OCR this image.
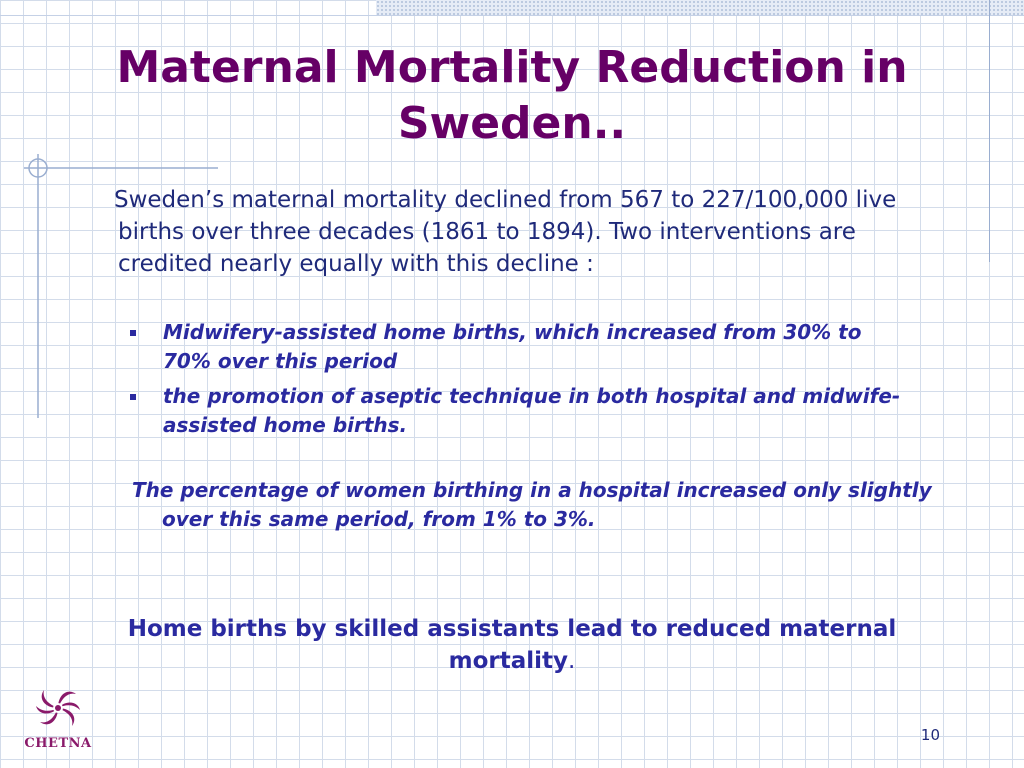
Maternal Mortality Reduction in Sweden..

Sweden’s maternal mortality declined from 567 to 227/100,000 live births over three decades (1861 to 1894). Two interventions are credited nearly equally with this decline :

Midwifery-assisted home births, which increased from 30% to 70% over this period
the promotion of aseptic technique in both hospital and midwife-assisted home births.

The percentage of women birthing in a hospital increased only slightly over this same period, from 1% to 3%.

Home births by skilled assistants lead to reduced maternal mortality.

CHETNA	10
